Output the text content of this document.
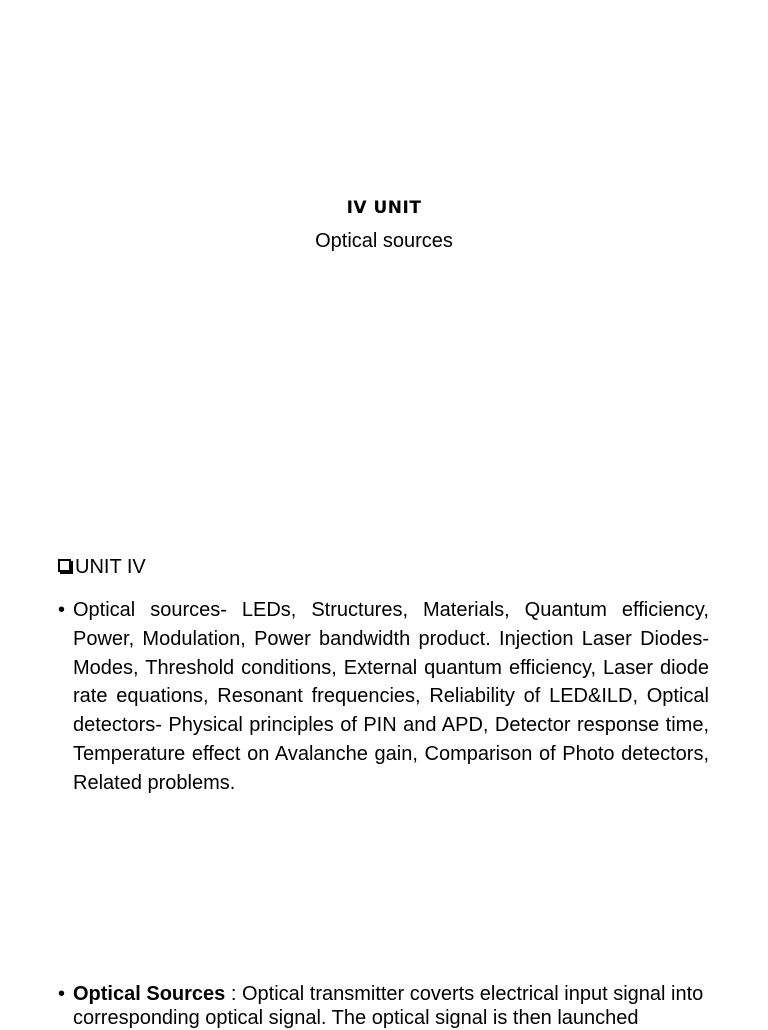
IV UNIT
Optical sources
UNIT IV
• Optical sources- LEDs, Structures, Materials, Quantum efficiency, Power, Modulation, Power bandwidth product. Injection Laser Diodes- Modes, Threshold conditions, External quantum efficiency, Laser diode rate equations, Resonant frequencies, Reliability of LED&ILD, Optical detectors- Physical principles of PIN and APD, Detector response time, Temperature effect on Avalanche gain, Comparison of Photo detectors, Related problems.
• Optical Sources : Optical transmitter coverts electrical input signal into corresponding optical signal. The optical signal is then launched
